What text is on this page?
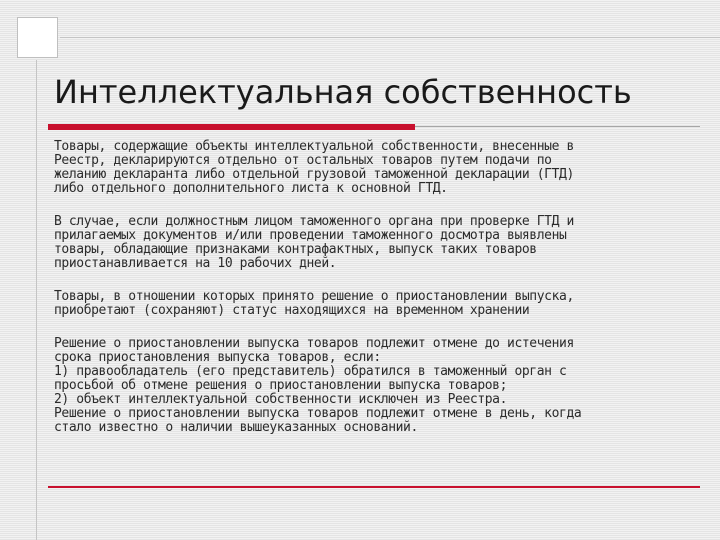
Интеллектуальная собственность

Товары, содержащие объекты интеллектуальной собственности, внесенные в
Реестр, декларируются отдельно от остальных товаров путем подачи по
желанию декларанта либо отдельной грузовой таможенной декларации (ГТД)
либо отдельного дополнительного листа к основной ГТД.

В случае, если должностным лицом таможенного органа при проверке ГТД и
прилагаемых документов и/или проведении таможенного досмотра выявлены
товары, обладающие признаками контрафактных, выпуск таких товаров
приостанавливается на 10 рабочих дней.

Товары, в отношении которых принято решение о приостановлении выпуска,
приобретают (сохраняют) статус находящихся на временном хранении

Решение о приостановлении выпуска товаров подлежит отмене до истечения
срока приостановления выпуска товаров, если:
1) правообладатель (его представитель) обратился в таможенный орган с
просьбой об отмене решения о приостановлении выпуска товаров;
2) объект интеллектуальной собственности исключен из Реестра.
Решение о приостановлении выпуска товаров подлежит отмене в день, когда
стало известно о наличии вышеуказанных оснований.
